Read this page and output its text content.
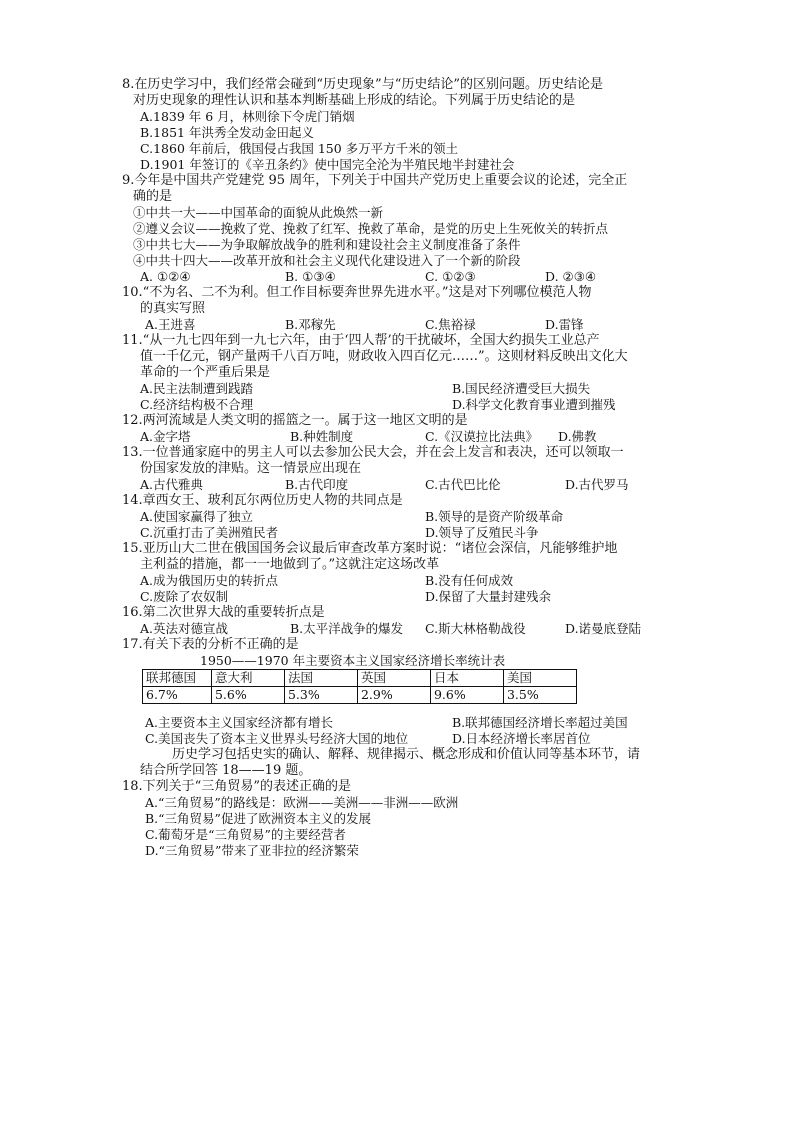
8.在历史学习中，我们经常会碰到“历史现象”与“历史结论”的区别问题。历史结论是
对历史现象的理性认识和基本判断基础上形成的结论。下列属于历史结论的是
A.1839 年 6 月，林则徐下令虎门销烟
B.1851 年洪秀全发动金田起义
C.1860 年前后，俄国侵占我国 150 多万平方千米的领土
D.1901 年签订的《辛丑条约》使中国完全沦为半殖民地半封建社会
9.今年是中国共产党建党 95 周年，下列关于中国共产党历史上重要会议的论述，完全正
确的是
①中共一大——中国革命的面貌从此焕然一新
②遵义会议——挽救了党、挽救了红军、挽救了革命，是党的历史上生死攸关的转折点
③中共七大——为争取解放战争的胜利和建设社会主义制度准备了条件
④中共十四大——改革开放和社会主义现代化建设进入了一个新的阶段
A. ①②④	B. ①③④	C. ①②③	D. ②③④
10.“不为名、二不为利。但工作目标要奔世界先进水平。”这是对下列哪位模范人物
的真实写照
A.王进喜	B.邓稼先	C.焦裕禄	D.雷锋
11.“从一九七四年到一九七六年，由于‘四人帮’的干扰破坏，全国大约损失工业总产
值一千亿元，钢产量两千八百万吨，财政收入四百亿元……”。这则材料反映出文化大
革命的一个严重后果是
A.民主法制遭到践踏	B.国民经济遭受巨大损失
C.经济结构极不合理	D.科学文化教育事业遭到摧残
12.两河流域是人类文明的摇篮之一。属于这一地区文明的是
A.金字塔	B.种姓制度	C.《汉谟拉比法典》 D.佛教
13.一位普通家庭中的男主人可以去参加公民大会，并在会上发言和表决，还可以领取一
份国家发放的津贴。这一情景应出现在
A.古代雅典	B.古代印度	C.古代巴比伦	D.古代罗马
14.章西女王、玻利瓦尔两位历史人物的共同点是
A.使国家赢得了独立	B.领导的是资产阶级革命
C.沉重打击了美洲殖民者	D.领导了反殖民斗争
15.亚历山大二世在俄国国务会议最后审查改革方案时说：“诸位会深信，凡能够维护地
主利益的措施，都一一地做到了。”这就注定这场改革
A.成为俄国历史的转折点	B.没有任何成效
C.废除了农奴制	D.保留了大量封建残余
16.第二次世界大战的重要转折点是
A.英法对德宣战	B.太平洋战争的爆发 C.斯大林格勒战役	D.诺曼底登陆
17.有关下表的分析不正确的是
1950——1970 年主要资本主义国家经济增长率统计表
联邦德国	意大利	法国	英国	日本	美国
6.7%	5.6%	5.3%	2.9%	9.6%	3.5%
A.主要资本主义国家经济都有增长	B.联邦德国经济增长率超过美国
C.美国丧失了资本主义世界头号经济大国的地位	D.日本经济增长率居首位
历史学习包括史实的确认、解释、规律揭示、概念形成和价值认同等基本环节，请
结合所学回答 18——19 题。
18.下列关于“三角贸易”的表述正确的是
A.“三角贸易”的路线是：欧洲——美洲——非洲——欧洲
B.“三角贸易”促进了欧洲资本主义的发展
C.葡萄牙是“三角贸易”的主要经营者
D.“三角贸易”带来了亚非拉的经济繁荣
